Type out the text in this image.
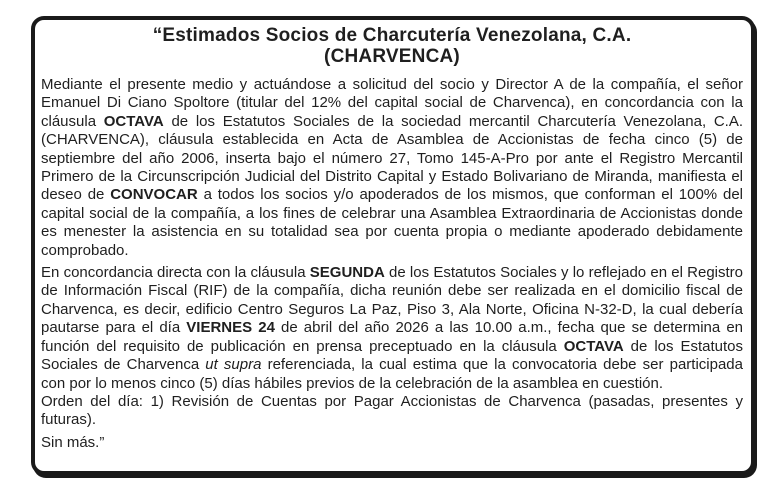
“Estimados Socios de Charcutería Venezolana, C.A.
(CHARVENCA)

Mediante el presente medio y actuándose a solicitud del socio y Director A de la compañía, el señor Emanuel Di Ciano Spoltore (titular del 12% del capital social de Charvenca), en concordancia con la cláusula OCTAVA de los Estatutos Sociales de la sociedad mercantil Charcutería Venezolana, C.A. (CHARVENCA), cláusula establecida en Acta de Asamblea de Accionistas de fecha cinco (5) de septiembre del año 2006, inserta bajo el número 27, Tomo 145-A-Pro por ante el Registro Mercantil Primero de la Circunscripción Judicial del Distrito Capital y Estado Bolivariano de Miranda, manifiesta el deseo de CONVOCAR a todos los socios y/o apoderados de los mismos, que conforman el 100% del capital social de la compañía, a los fines de celebrar una Asamblea Extraordinaria de Accionistas donde es menester la asistencia en su totalidad sea por cuenta propia o mediante apoderado debidamente comprobado.

En concordancia directa con la cláusula SEGUNDA de los Estatutos Sociales y lo reflejado en el Registro de Información Fiscal (RIF) de la compañía, dicha reunión debe ser realizada en el domicilio fiscal de Charvenca, es decir, edificio Centro Seguros La Paz, Piso 3, Ala Norte, Oficina N-32-D, la cual debería pautarse para el día VIERNES 24 de abril del año 2026 a las 10.00 a.m., fecha que se determina en función del requisito de publicación en prensa preceptuado en la cláusula OCTAVA de los Estatutos Sociales de Charvenca ut supra referenciada, la cual estima que la convocatoria debe ser participada con por lo menos cinco (5) días hábiles previos de la celebración de la asamblea en cuestión.

Orden del día: 1) Revisión de Cuentas por Pagar Accionistas de Charvenca (pasadas, presentes y futuras).

Sin más.”
